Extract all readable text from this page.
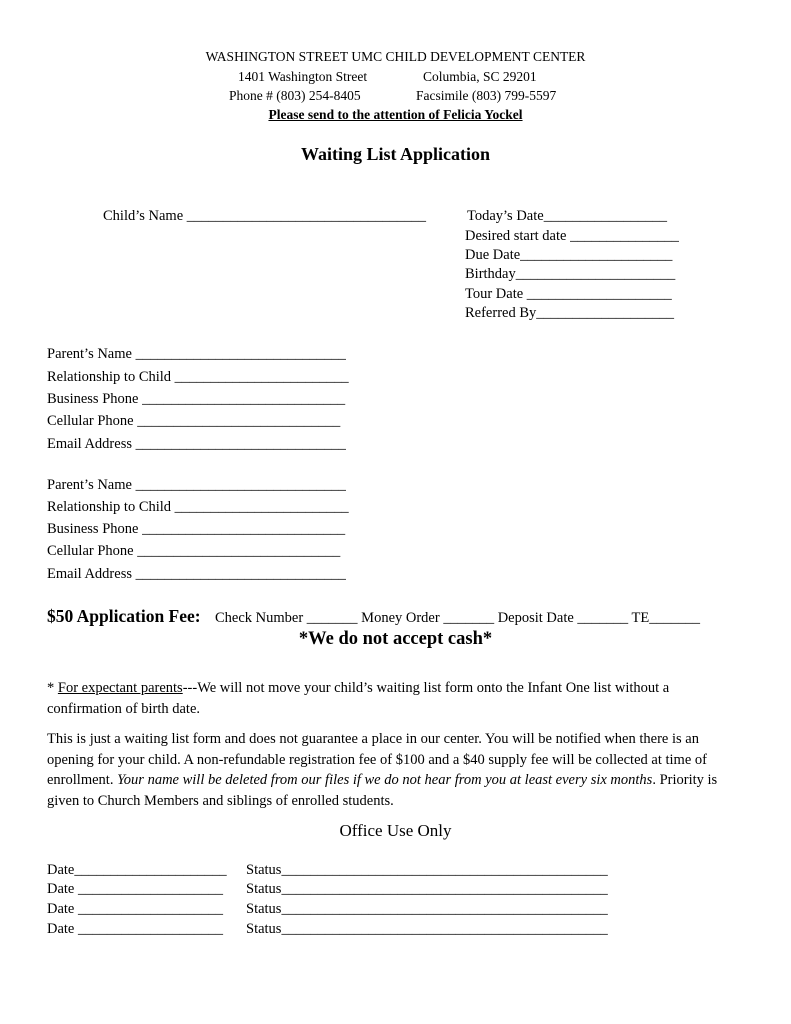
WASHINGTON STREET UMC CHILD DEVELOPMENT CENTER
1401 Washington Street	Columbia, SC 29201
Phone # (803) 254-8405	Facsimile (803) 799-5597
Please send to the attention of Felicia Yockel
Waiting List Application
Child’s Name _________________________________	Today’s Date_________________
Desired start date _______________
Due Date_____________________
Birthday______________________
Tour Date ____________________
Referred By___________________
Parent’s Name _____________________________
Relationship to Child ________________________
Business Phone ____________________________
Cellular Phone ____________________________
Email Address _____________________________
Parent’s Name _____________________________
Relationship to Child ________________________
Business Phone ____________________________
Cellular Phone ____________________________
Email Address _____________________________
$50 Application Fee: Check Number _______ Money Order _______ Deposit Date _______ TE_______
*We do not accept cash*

* For expectant parents---We will not move your child’s waiting list form onto the Infant One list without a confirmation of birth date.

This is just a waiting list form and does not guarantee a place in our center. You will be notified when there is an opening for your child. A non-refundable registration fee of $100 and a $40 supply fee will be collected at time of enrollment. Your name will be deleted from our files if we do not hear from you at least every six months. Priority is given to Church Members and siblings of enrolled students.

Office Use Only
Date_____________________ Status_____________________________________________
Date ____________________ Status_____________________________________________
Date ____________________ Status_____________________________________________
Date ____________________ Status_____________________________________________
